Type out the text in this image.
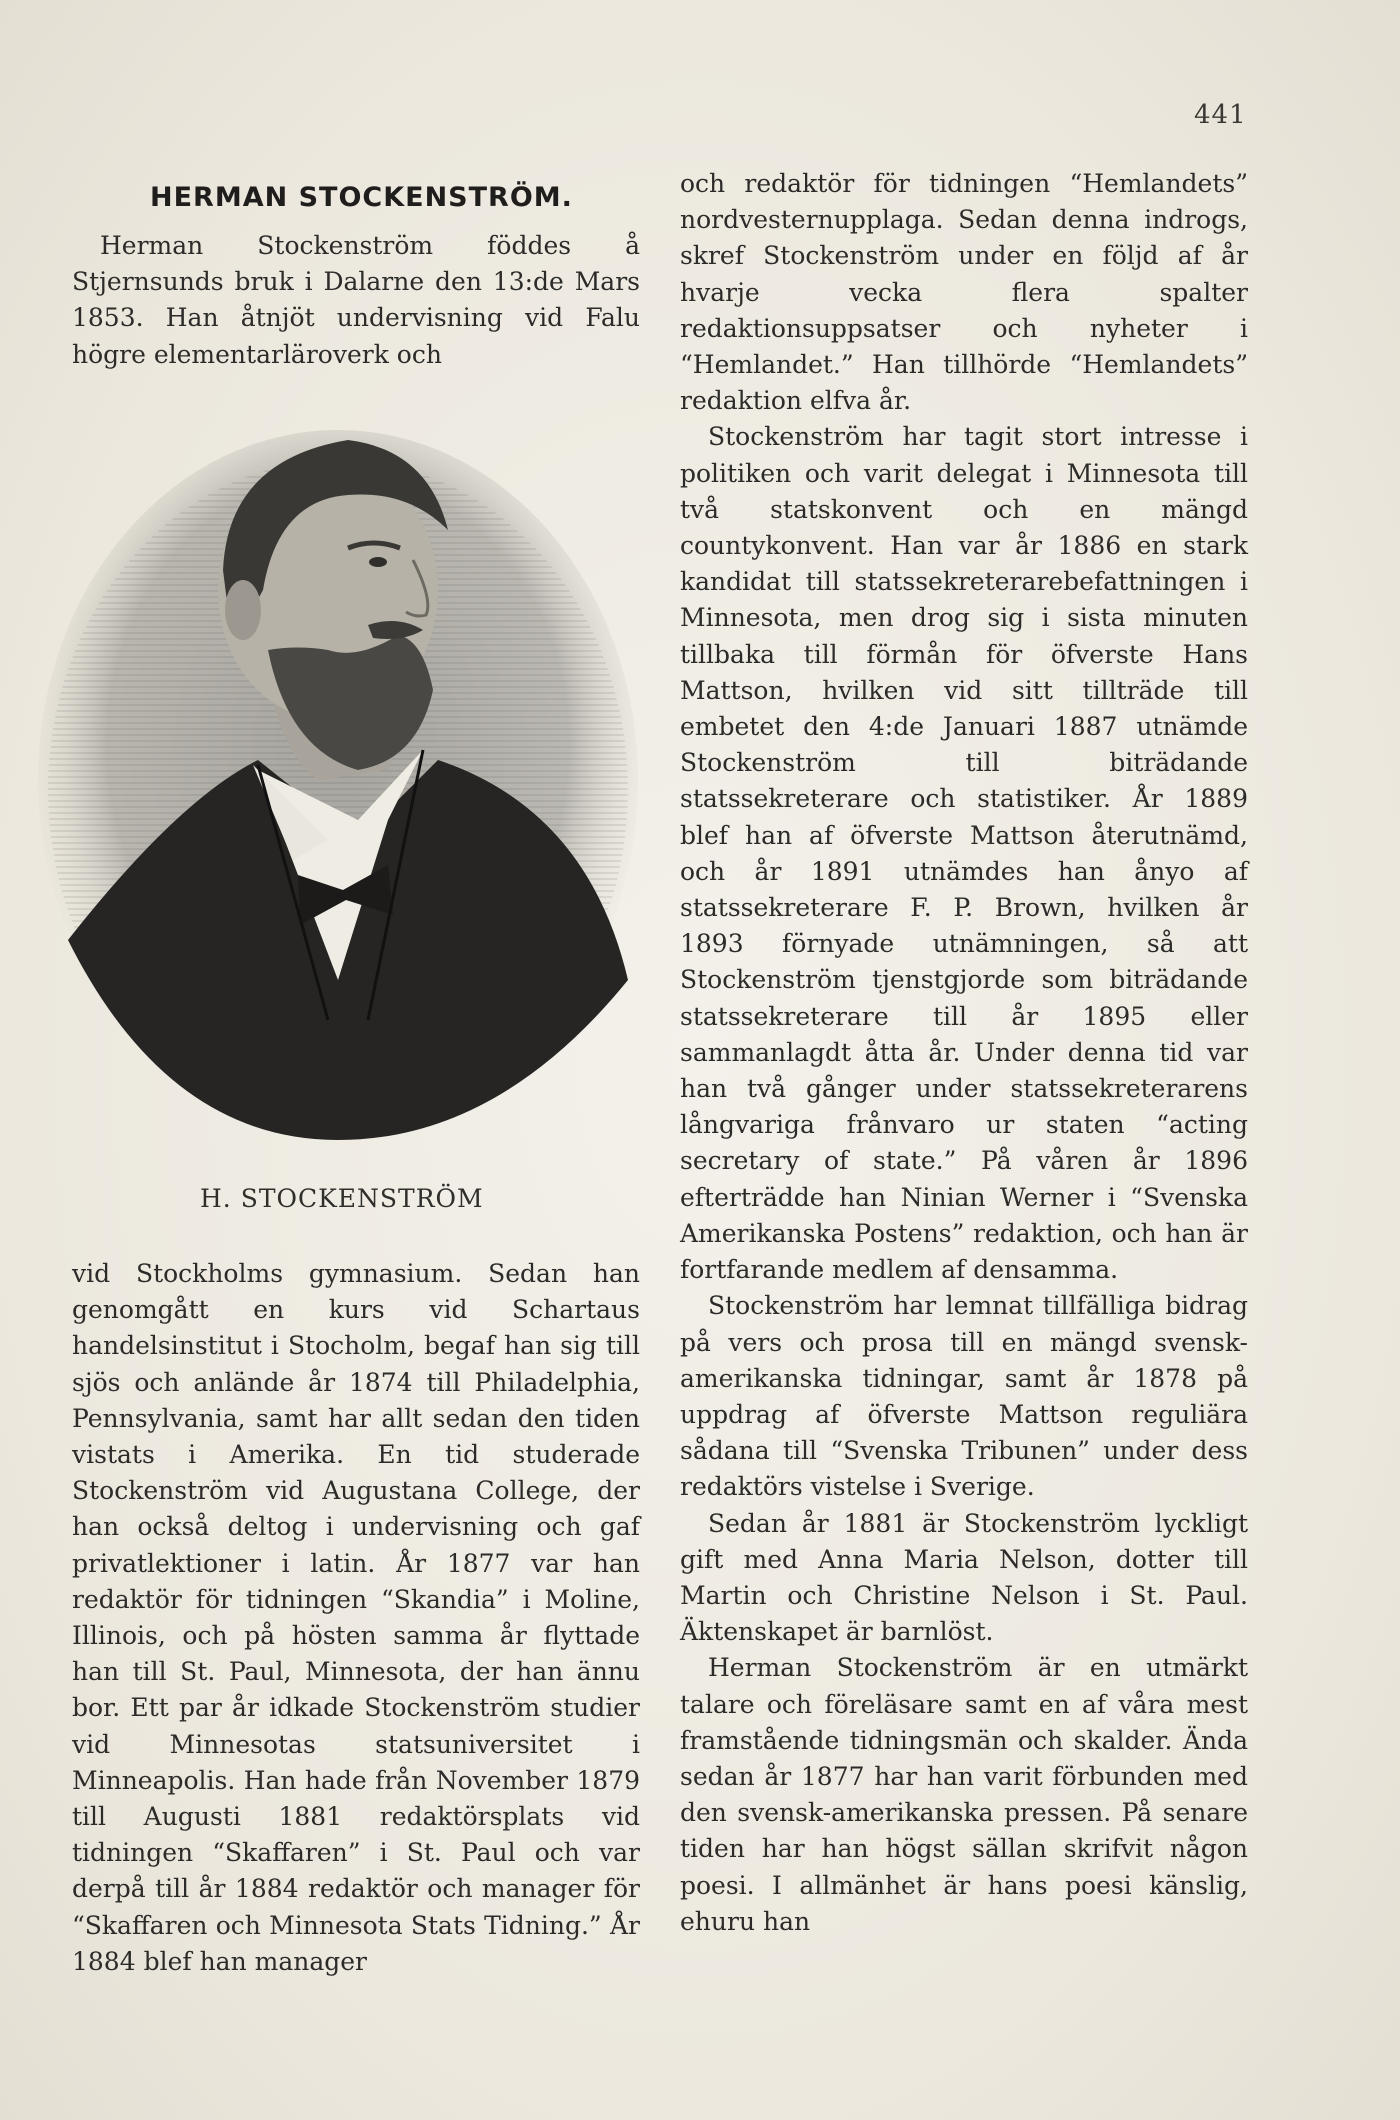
441
HERMAN STOCKENSTRÖM.

Herman Stockenström föddes å Stjernsunds bruk i Dalarne den 13:de Mars 1853. Han åtnjöt undervisning vid Falu högre elementarläroverk och

H. STOCKENSTRÖM

vid Stockholms gymnasium. Sedan han genomgått en kurs vid Schartaus handelsinstitut i Stocholm, begaf han sig till sjös och anlände år 1874 till Philadelphia, Pennsylvania, samt har allt sedan den tiden vistats i Amerika. En tid studerade Stockenström vid Augustana College, der han också deltog i undervisning och gaf privatlektioner i latin. År 1877 var han redaktör för tidningen “Skandia” i Moline, Illinois, och på hösten samma år flyttade han till St. Paul, Minnesota, der han ännu bor. Ett par år idkade Stockenström studier vid Minnesotas statsuniversitet i Minneapolis. Han hade från November 1879 till Augusti 1881 redaktörsplats vid tidningen “Skaffaren” i St. Paul och var derpå till år 1884 redaktör och manager för “Skaffaren och Minnesota Stats Tidning.” År 1884 blef han manager

och redaktör för tidningen “Hemlandets” nordvesternupplaga. Sedan denna indrogs, skref Stockenström under en följd af år hvarje vecka flera spalter redaktionsuppsatser och nyheter i “Hemlandet.” Han tillhörde “Hemlandets” redaktion elfva år.

Stockenström har tagit stort intresse i politiken och varit delegat i Minnesota till två statskonvent och en mängd countykonvent. Han var år 1886 en stark kandidat till statssekreterarebefattningen i Minnesota, men drog sig i sista minuten tillbaka till förmån för öfverste Hans Mattson, hvilken vid sitt tillträde till embetet den 4:de Januari 1887 utnämde Stockenström till biträdande statssekreterare och statistiker. År 1889 blef han af öfverste Mattson återutnämd, och år 1891 utnämdes han ånyo af statssekreterare F. P. Brown, hvilken år 1893 förnyade utnämningen, så att Stockenström tjenstgjorde som biträdande statssekreterare till år 1895 eller sammanlagdt åtta år. Under denna tid var han två gånger under statssekreterarens långvariga frånvaro ur staten “acting secretary of state.” På våren år 1896 efterträdde han Ninian Werner i “Svenska Amerikanska Postens” redaktion, och han är fortfarande medlem af densamma.

Stockenström har lemnat tillfälliga bidrag på vers och prosa till en mängd svensk-amerikanska tidningar, samt år 1878 på uppdrag af öfverste Mattson reguliära sådana till “Svenska Tribunen” under dess redaktörs vistelse i Sverige.

Sedan år 1881 är Stockenström lyckligt gift med Anna Maria Nelson, dotter till Martin och Christine Nelson i St. Paul. Äktenskapet är barnlöst.

Herman Stockenström är en utmärkt talare och föreläsare samt en af våra mest framstående tidningsmän och skalder. Ända sedan år 1877 har han varit förbunden med den svensk-amerikanska pressen. På senare tiden har han högst sällan skrifvit någon poesi. I allmänhet är hans poesi känslig, ehuru han
